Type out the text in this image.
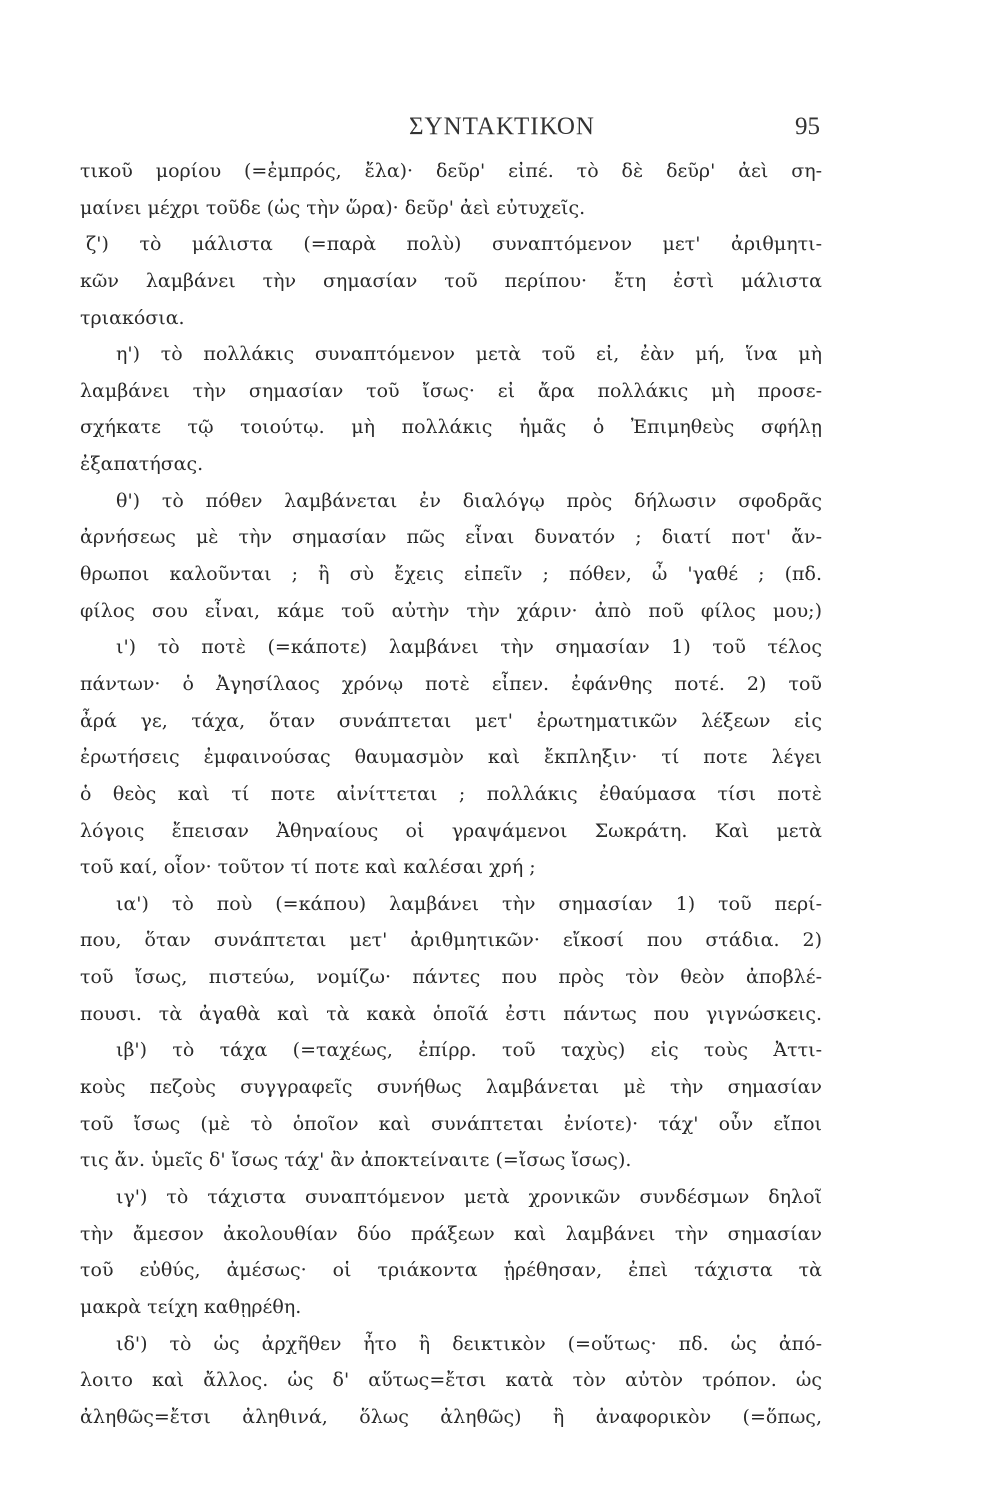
ΣΥΝΤΑΚΤΙΚΟΝ	95
τικοῦ μορίου (=ἐμπρός, ἔλα)· δεῦρ' εἰπέ. τὸ δὲ δεῦρ' ἀεὶ ση-
μαίνει μέχρι τοῦδε (ὡς τὴν ὥρα)· δεῦρ' ἀεὶ εὐτυχεῖς.
ζ') τὸ μάλιστα (=παρὰ πολὺ) συναπτόμενον μετ' ἀριθμητι-
κῶν λαμβάνει τὴν σημασίαν τοῦ περίπου· ἔτη ἐστὶ μάλιστα
τριακόσια.
η') τὸ πολλάκις συναπτόμενον μετὰ τοῦ εἰ, ἐὰν μή, ἵνα μὴ
λαμβάνει τὴν σημασίαν τοῦ ἴσως· εἰ ἄρα πολλάκις μὴ προσε-
σχήκατε τῷ τοιούτῳ. μὴ πολλάκις ἡμᾶς ὁ Ἐπιμηθεὺς σφήλῃ
ἐξαπατήσας.
θ') τὸ πόθεν λαμβάνεται ἐν διαλόγῳ πρὸς δήλωσιν σφοδρᾶς
ἀρνήσεως μὲ τὴν σημασίαν πῶς εἶναι δυνατόν ; διατί ποτ' ἄν-
θρωποι καλοῦνται ; ἢ σὺ ἔχεις εἰπεῖν ; πόθεν, ὦ 'γαθέ ; (πδ.
φίλος σου εἶναι, κάμε τοῦ αὐτὴν τὴν χάριν· ἀπὸ ποῦ φίλος μου;)
ι') τὸ ποτὲ (=κάποτε) λαμβάνει τὴν σημασίαν 1) τοῦ τέλος
πάντων· ὁ Ἀγησίλαος χρόνῳ ποτὲ εἶπεν. ἐφάνθης ποτέ. 2) τοῦ
ἆρά γε, τάχα, ὅταν συνάπτεται μετ' ἐρωτηματικῶν λέξεων εἰς
ἐρωτήσεις ἐμφαινούσας θαυμασμὸν καὶ ἔκπληξιν· τί ποτε λέγει
ὁ θεὸς καὶ τί ποτε αἰνίττεται ; πολλάκις ἐθαύμασα τίσι ποτὲ
λόγοις ἔπεισαν Ἀθηναίους οἱ γραψάμενοι Σωκράτη. Καὶ μετὰ
τοῦ καί, οἷον· τοῦτον τί ποτε καὶ καλέσαι χρή ;
ια') τὸ ποὺ (=κάπου) λαμβάνει τὴν σημασίαν 1) τοῦ περί-
που, ὅταν συνάπτεται μετ' ἀριθμητικῶν· εἴκοσί που στάδια. 2)
τοῦ ἴσως, πιστεύω, νομίζω· πάντες που πρὸς τὸν θεὸν ἀποβλέ-
πουσι. τὰ ἀγαθὰ καὶ τὰ κακὰ ὁποῖά ἐστι πάντως που γιγνώσκεις.
ιβ') τὸ τάχα (=ταχέως, ἐπίρρ. τοῦ ταχὺς) εἰς τοὺς Ἀττι-
κοὺς πεζοὺς συγγραφεῖς συνήθως λαμβάνεται μὲ τὴν σημασίαν
τοῦ ἴσως (μὲ τὸ ὁποῖον καὶ συνάπτεται ἐνίοτε)· τάχ' οὖν εἴποι
τις ἄν. ὑμεῖς δ' ἴσως τάχ' ἂν ἀποκτείναιτε (=ἴσως ἴσως).
ιγ') τὸ τάχιστα συναπτόμενον μετὰ χρονικῶν συνδέσμων δηλοῖ
τὴν ἄμεσον ἀκολουθίαν δύο πράξεων καὶ λαμβάνει τὴν σημασίαν
τοῦ εὐθύς, ἀμέσως· οἱ τριάκοντα ᾑρέθησαν, ἐπεὶ τάχιστα τὰ
μακρὰ τείχη καθῃρέθη.
ιδ') τὸ ὡς ἀρχῆθεν ἦτο ἢ δεικτικὸν (=οὕτως· πδ. ὡς ἀπό-
λοιτο καὶ ἄλλος. ὡς δ' αὕτως=ἔτσι κατὰ τὸν αὐτὸν τρόπον. ὡς
ἀληθῶς=ἔτσι ἀληθινά, ὅλως ἀληθῶς) ἢ ἀναφορικὸν (=ὅπως,
